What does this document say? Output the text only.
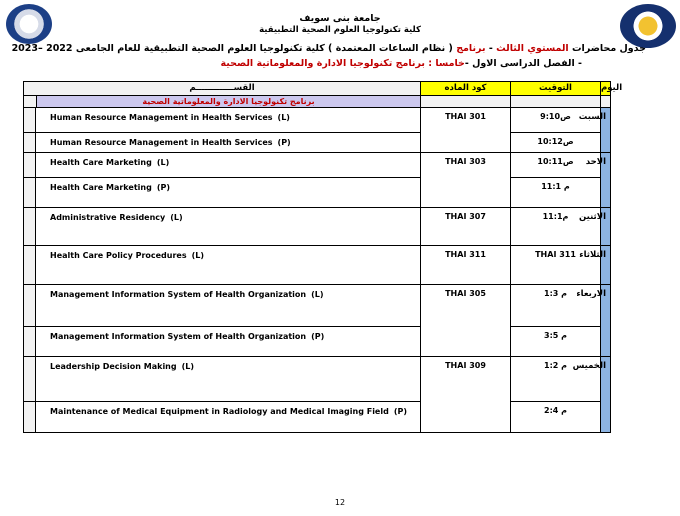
جامعة بنى سويف
كلية تكنولوجيا العلوم الصحية التطبيقية
جدول محاضرات المستوي الثالث - برنامج ( نظام الساعات المعتمدة ) كلية تكنولوجيا العلوم الصحية التطبيقية للعام الجامعى 2022 –2023
- الفصل الدراسى الاول -خامسا : برنامج تكنولوجيا الادارة والمعلوماتية الصحية
القســـــــــــــم		كود الماده	التوقيت	اليوم

برنامج تكنولوجيا الادارة والمعلوماتية الصحية				

	Human Resource Management in Health Services (L)	THAI 301	9:10ص	السبت
	Human Resource Management in Health Services (P)		ص10:12	
	Health Care Marketing (L)	THAI 303	ص10:11	الاحد
	Health Care Marketing (P)		م 11:1	
	Administrative Residency (L)	THAI 307	11:1م	الاثنين
	Health Care Policy Procedures (L)	THAI 311	THAI 311	الثلاثاء
	Management Information System of Health Organization (L)	THAI 305	1:3 م	الاربعاء
	Management Information System of Health Organization (P)		3:5 م	
	Leadership Decision Making (L)	THAI 309	1:2 م	الخميس
	Maintenance of Medical Equipment in Radiology and Medical Imaging Field (P)		2:4 م	
12
